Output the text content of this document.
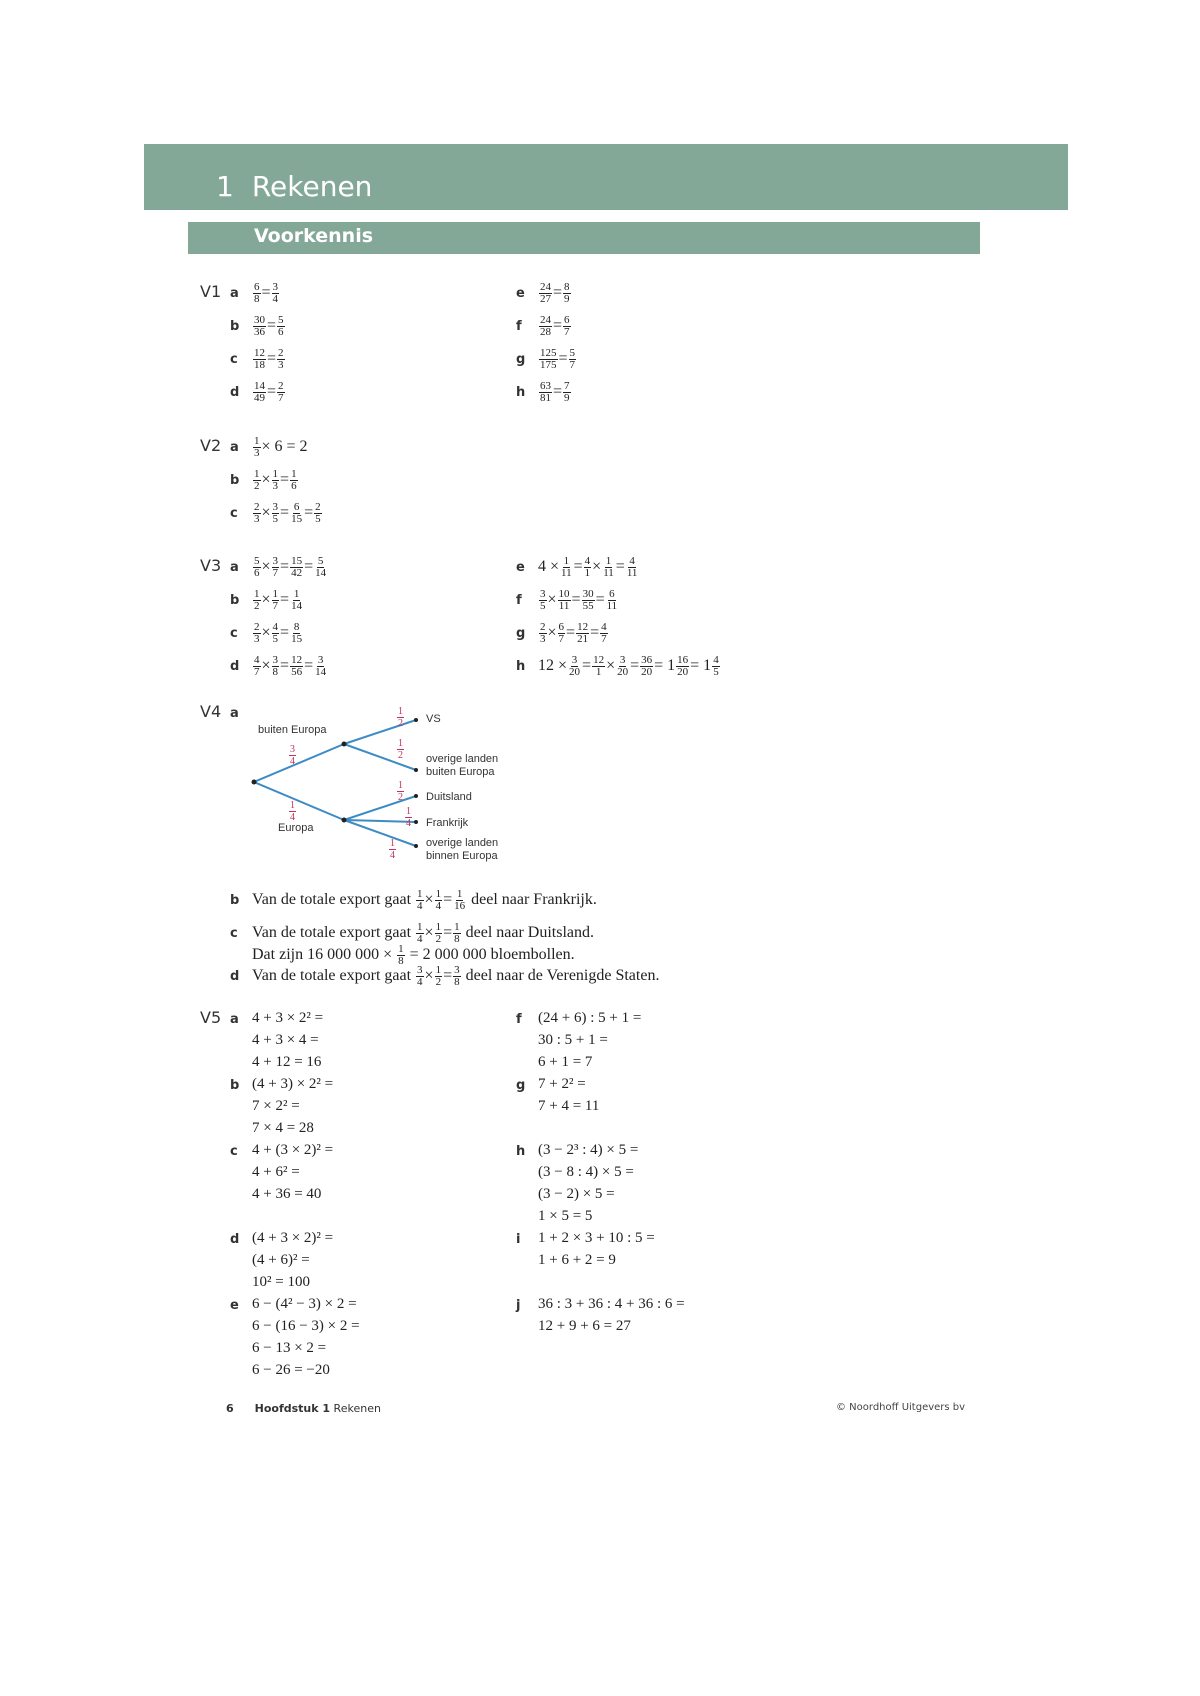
1 Rekenen
Voorkennis
V1 a $\frac{6}{8} = \frac{3}{4}$
b $\frac{30}{36} = \frac{5}{6}$
c $\frac{12}{18} = \frac{2}{3}$
d $\frac{14}{49} = \frac{2}{7}$
e $\frac{24}{27} = \frac{8}{9}$
f $\frac{24}{28} = \frac{6}{7}$
g $\frac{125}{175} = \frac{5}{7}$
h $\frac{63}{81} = \frac{7}{9}$
V2 a $\frac{1}{3} \times 6 = 2$
b $\frac{1}{2} \times \frac{1}{3} = \frac{1}{6}$
c $\frac{2}{3} \times \frac{3}{5} = \frac{6}{15} = \frac{2}{5}$
V3 a $\frac{5}{6} \times \frac{3}{7} = \frac{15}{42} = \frac{5}{14}$
b $\frac{1}{2} \times \frac{1}{7} = \frac{1}{14}$
c $\frac{2}{3} \times \frac{4}{5} = \frac{8}{15}$
d $\frac{4}{7} \times \frac{3}{8} = \frac{12}{56} = \frac{3}{14}$
e $4 \times \frac{1}{11} = \frac{4}{1} \times \frac{1}{11} = \frac{4}{11}$
f $\frac{3}{5} \times \frac{10}{11} = \frac{30}{55} = \frac{6}{11}$
g $\frac{2}{3} \times \frac{6}{7} = \frac{12}{21} = \frac{4}{7}$
h $12 \times \frac{3}{20} = \frac{12}{1} \times \frac{3}{20} = \frac{36}{20} = 1 \frac{16}{20} = 1 \frac{4}{5}$
V4 a
buiten Europa
Europa
VS
overige landen
buiten Europa
Duitsland
Frankrijk
overige landen
binnen Europa
3
4
1
4
1
2
1
2
1
2
1
4
1
4
b Van de totale export gaat $\frac{1}{4} \times \frac{1}{4} = \frac{1}{16}$ deel naar Frankrijk.
c Van de totale export gaat $\frac{1}{4} \times \frac{1}{2} = \frac{1}{8}$ deel naar Duitsland.
Dat zijn 16 000 $000 \times \frac{1}{8} = 2$ 000 000 bloembollen.
d Van de totale export gaat $\frac{3}{4} \times \frac{1}{2} = \frac{3}{8}$ deel naar de Verenigde Staten.
V5 a 4 + 3 × 2² =
4 + 3 × 4 =
4 + 12 = 16
b (4 + 3) × 2² =
7 × 2² =
7 × 4 = 28
c 4 + (3 × 2)² =
4 + 6² =
4 + 36 = 40
d (4 + 3 × 2)² =
(4 + 6)² =
10² = 100
e 6 − (4² − 3) × 2 =
6 − (16 − 3) × 2 =
6 − 13 × 2 =
6 − 26 = −20
f (24 + 6) : 5 + 1 =
30 : 5 + 1 =
6 + 1 = 7
g 7 + 2² =
7 + 4 = 11
h (3 − 2³ : 4) × 5 =
(3 − 8 : 4) × 5 =
(3 − 2) × 5 =
1 × 5 = 5
i 1 + 2 × 3 + 10 : 5 =
1 + 6 + 2 = 9
j 36 : 3 + 36 : 4 + 36 : 6 =
12 + 9 + 6 = 27
6 Hoofdstuk 1 Rekenen	© Noordhoff Uitgevers bv
